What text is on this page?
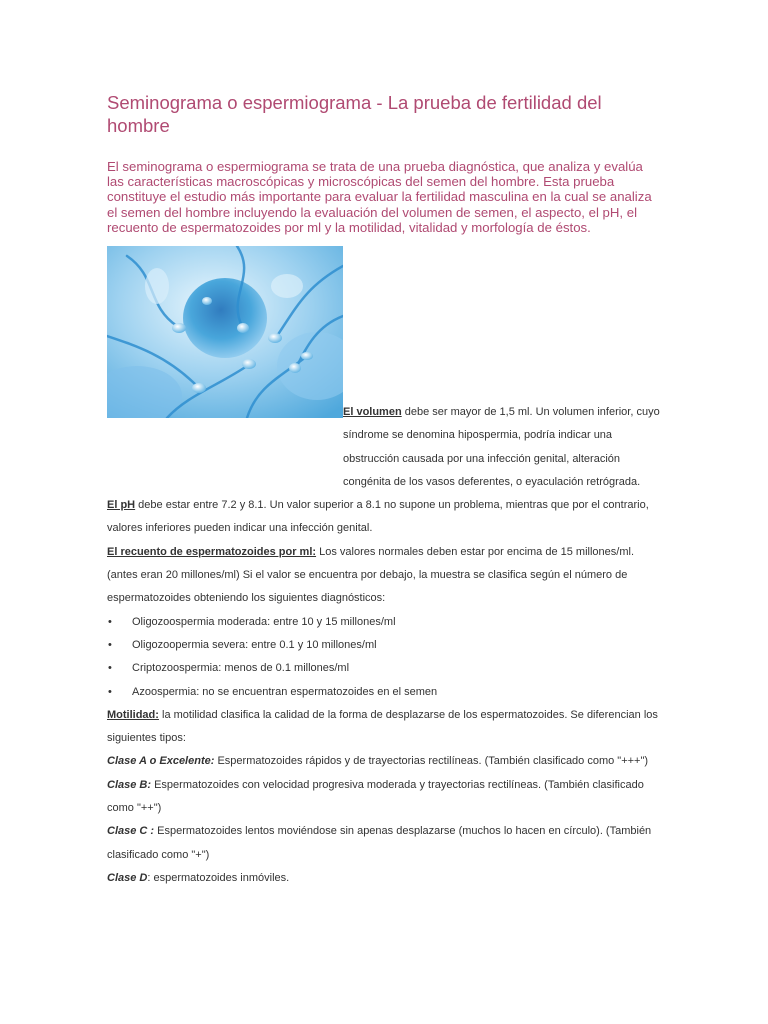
Seminograma o espermiograma - La prueba de fertilidad del hombre

El seminograma o espermiograma se trata de una prueba diagnóstica, que analiza y evalúa las características macroscópicas y microscópicas del semen del hombre. Esta prueba constituye el estudio más importante para evaluar la fertilidad masculina en la cual se analiza el semen del hombre incluyendo la evaluación del volumen de semen, el aspecto, el pH, el recuento de espermatozoides por ml y la motilidad, vitalidad y morfología de éstos.

El volumen debe ser mayor de 1,5 ml. Un volumen inferior, cuyo síndrome se denomina hipospermia, podría indicar una obstrucción causada por una infección genital, alteración congénita de los vasos deferentes, o eyaculación retrógrada.

El pH debe estar entre 7.2 y 8.1. Un valor superior a 8.1 no supone un problema, mientras que por el contrario, valores inferiores pueden indicar una infección genital.

El recuento de espermatozoides por ml: Los valores normales deben estar por encima de 15 millones/ml. (antes eran 20 millones/ml) Si el valor se encuentra por debajo, la muestra se clasifica según el número de espermatozoides obteniendo los siguientes diagnósticos:

• Oligozoospermia moderada: entre 10 y 15 millones/ml
• Oligozoopermia severa: entre 0.1 y 10 millones/ml
• Criptozoospermia: menos de 0.1 millones/ml
• Azoospermia: no se encuentran espermatozoides en el semen

Motilidad: la motilidad clasifica la calidad de la forma de desplazarse de los espermatozoides. Se diferencian los siguientes tipos:

Clase A o Excelente: Espermatozoides rápidos y de trayectorias rectilíneas. (También clasificado como "+++")

Clase B: Espermatozoides con velocidad progresiva moderada y trayectorias rectilíneas. (También clasificado como "++")

Clase C : Espermatozoides lentos moviéndose sin apenas desplazarse (muchos lo hacen en círculo). (También clasificado como "+")

Clase D: espermatozoides inmóviles.
